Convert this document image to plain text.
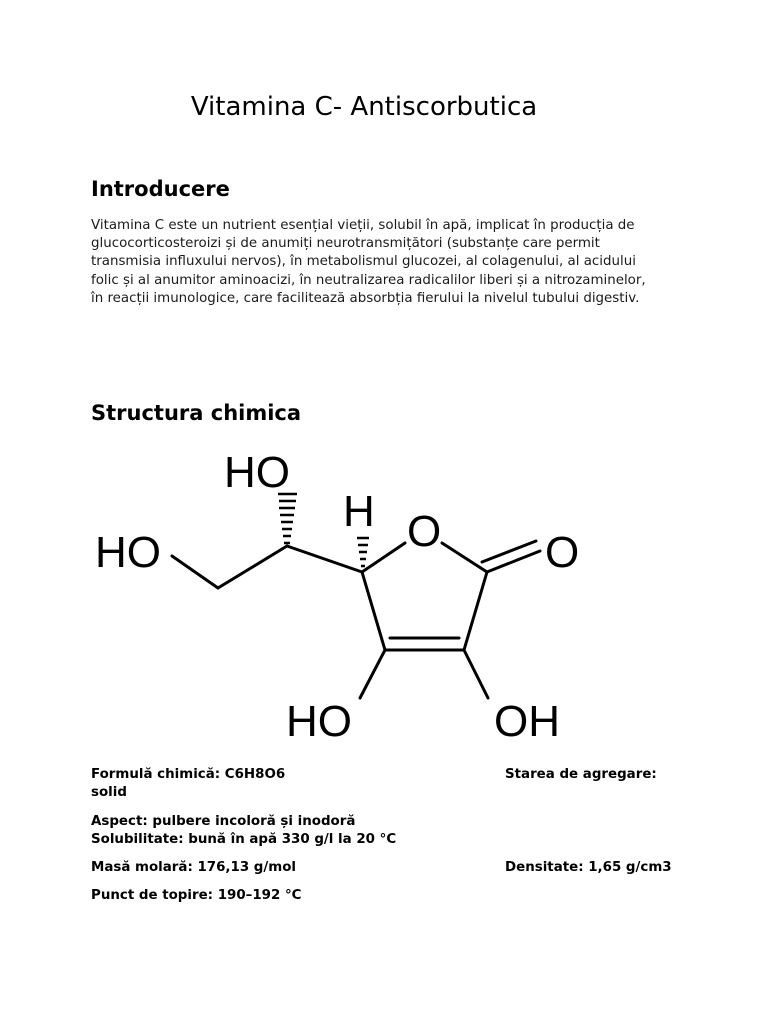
Vitamina C- Antiscorbutica
Introducere
Vitamina C este un nutrient esențial vieții, solubil în apă, implicat în producția de
glucocorticosteroizi și de anumiți neurotransmițători (substanțe care permit
transmisia influxului nervos), în metabolismul glucozei, al colagenului, al acidului
folic și al anumitor aminoacizi, în neutralizarea radicalilor liberi și a nitrozaminelor,
în reacții imunologice, care facilitează absorbția fierului la nivelul tubului digestiv.
Structura chimica
HO
H
HO	O O
HO	OH
Formulă chimică: C6H8O6	Starea de agregare:
solid
Aspect: pulbere incoloră și inodoră
Solubilitate: bună în apă 330 g/l la 20 °C
Masă molară: 176,13 g/mol	Densitate: 1,65 g/cm3
Punct de topire: 190–192 °C
